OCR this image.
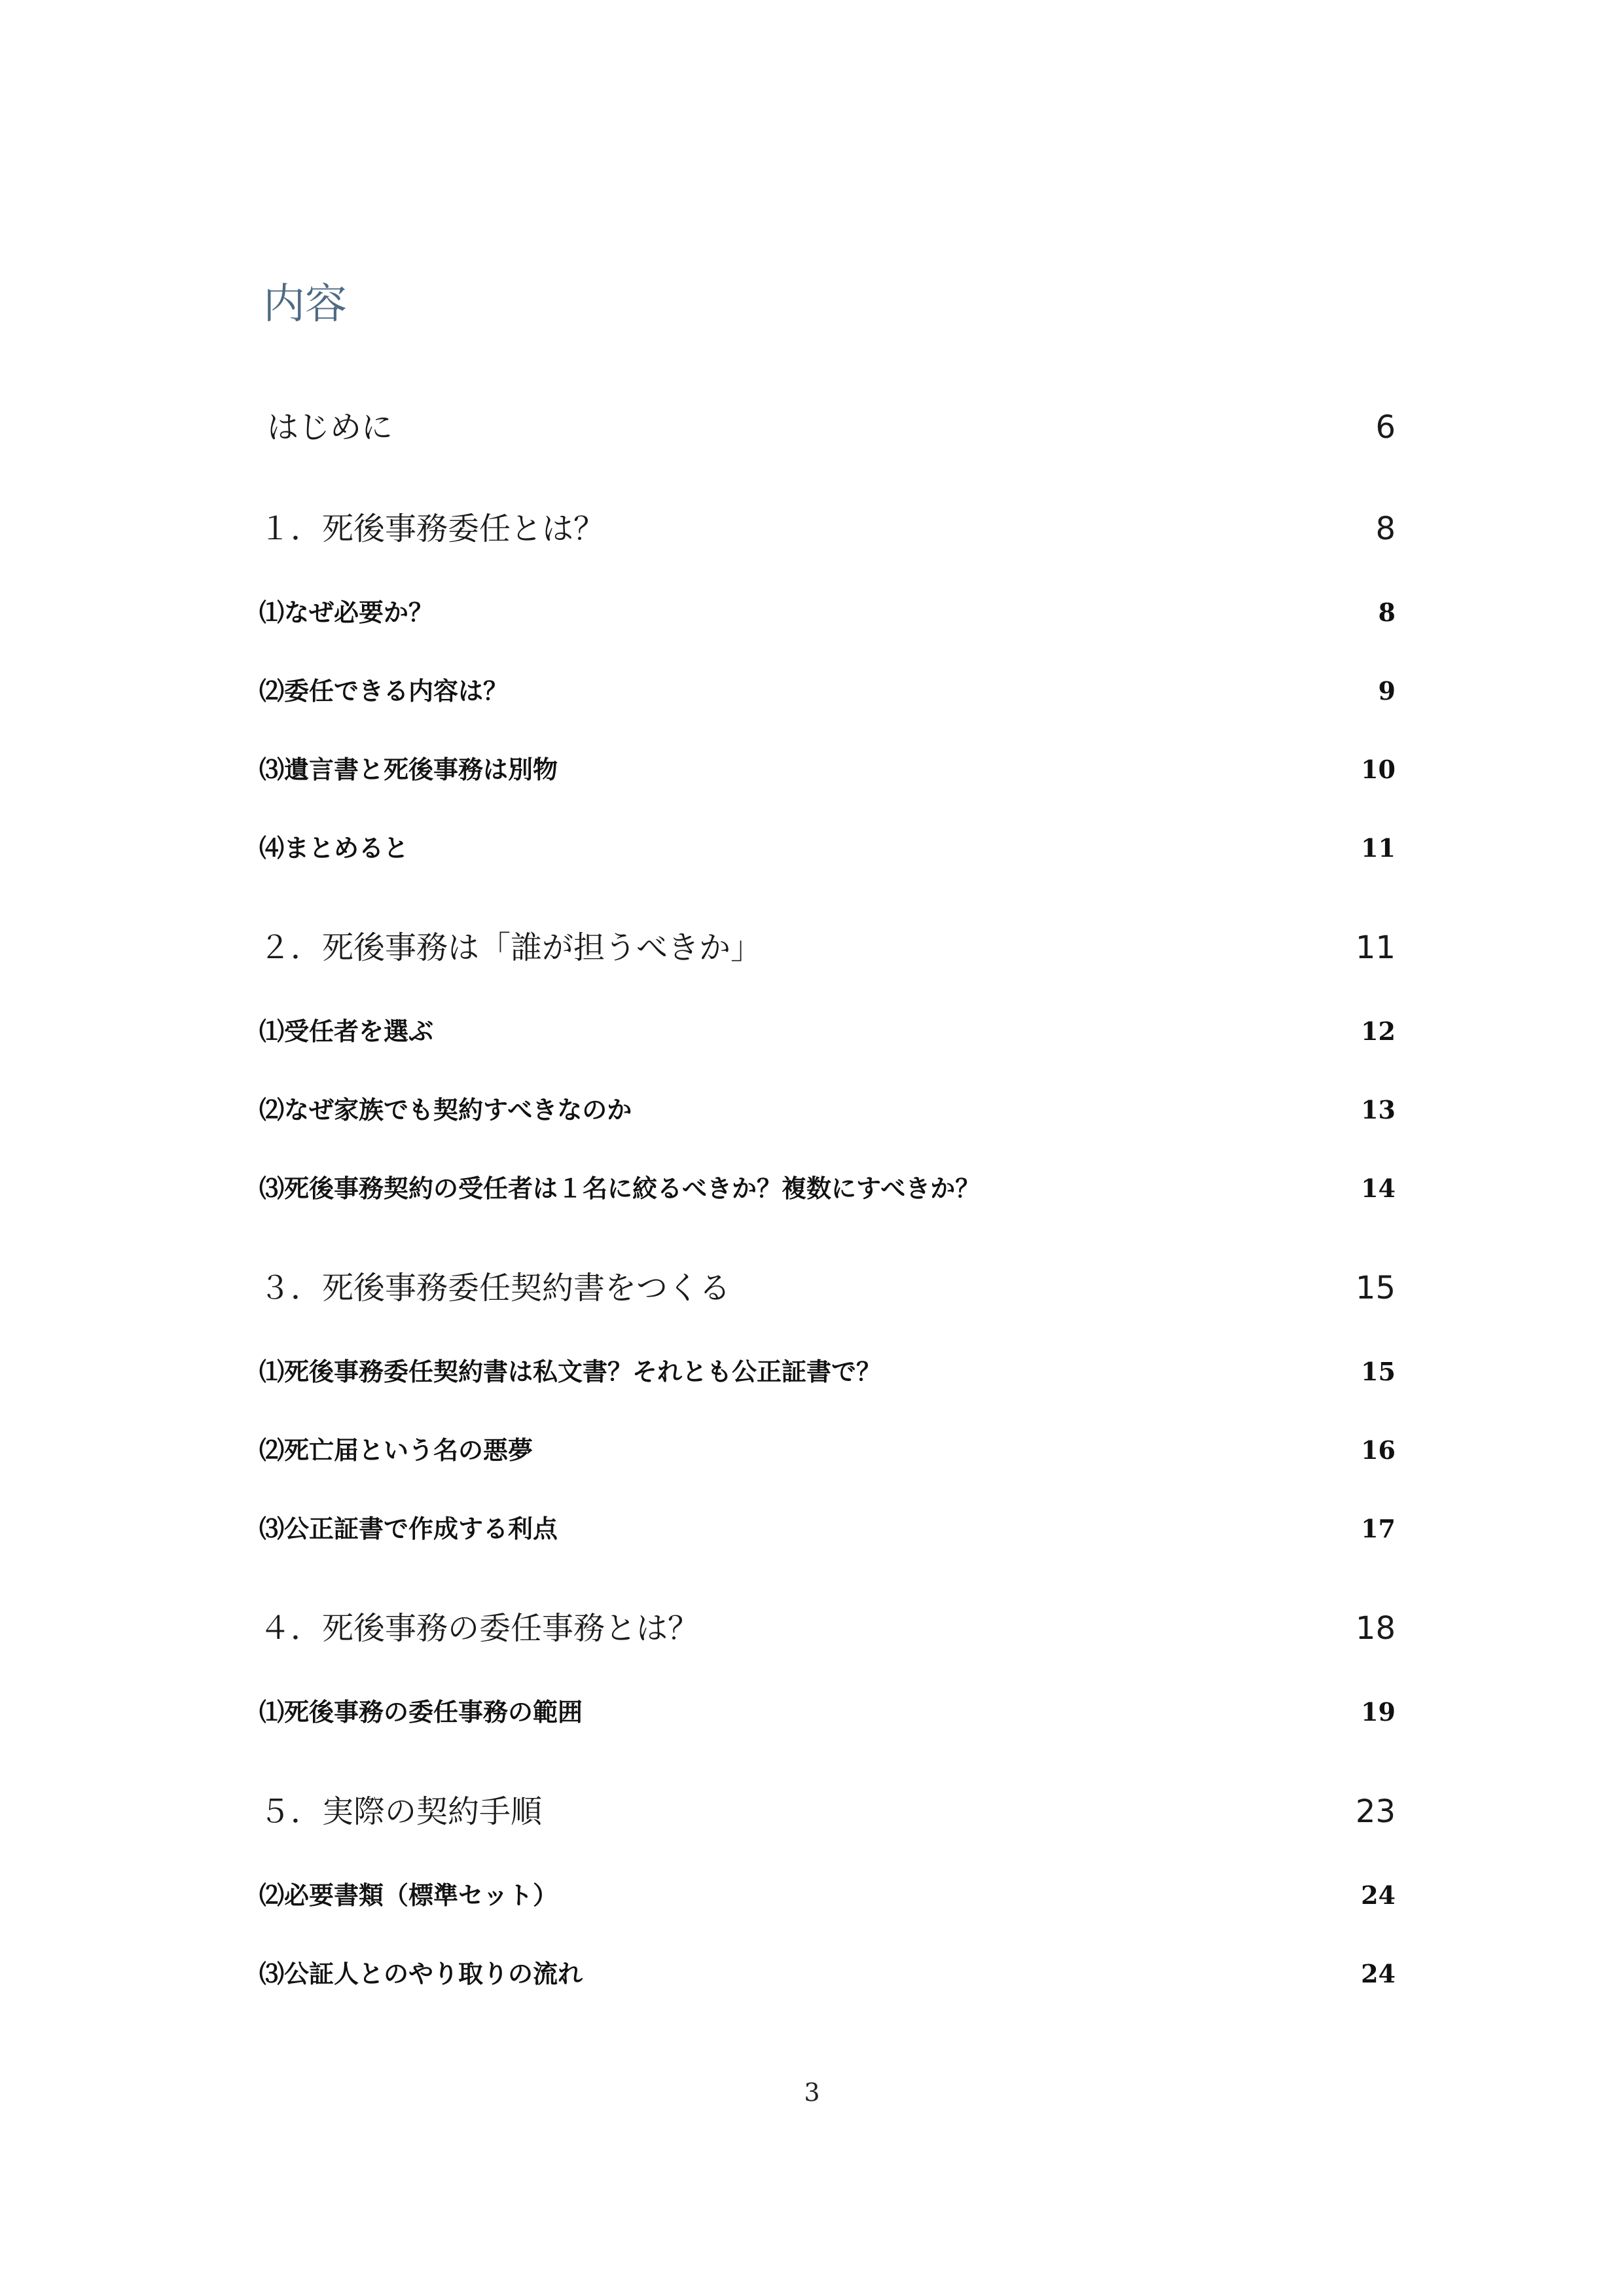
内容
はじめに	6
１．死後事務委任とは？	8
⑴なぜ必要か？	8
⑵委任できる内容は？	9
⑶遺言書と死後事務は別物	10
⑷まとめると	11
２．死後事務は「誰が担うべきか」	11
⑴受任者を選ぶ	12
⑵なぜ家族でも契約すべきなのか	13
⑶死後事務契約の受任者は１名に絞るべきか？複数にすべきか？	14
３．死後事務委任契約書をつくる	15
⑴死後事務委任契約書は私文書？それとも公正証書で？	15
⑵死亡届という名の悪夢	16
⑶公正証書で作成する利点	17
４．死後事務の委任事務とは？	18
⑴死後事務の委任事務の範囲	19
５．実際の契約手順	23
⑵必要書類（標準セット）	24
⑶公証人とのやり取りの流れ	24
3
